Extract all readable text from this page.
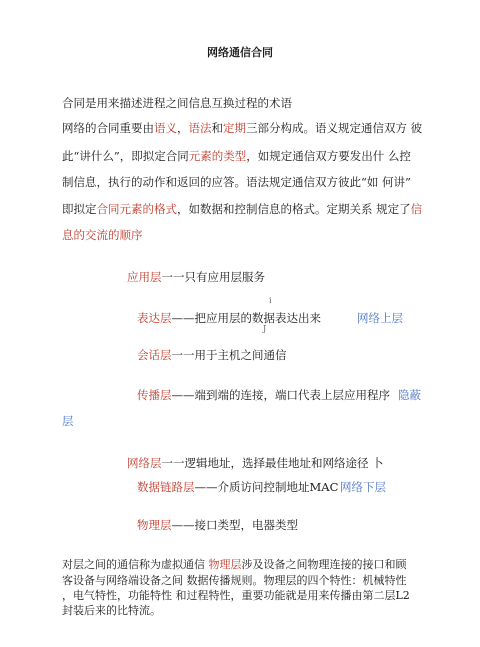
网络通信合同
合同是用来描述进程之间信息互换过程的术语
网络的合同重要由语义，语法和定期三部分构成。语义规定通信双方 彼
此“讲什么”，即拟定合同元素的类型，如规定通信双方要发出什 么控
制信息，执行的动作和返回的应答。语法规定通信双方彼此“如 何讲”
即拟定合同元素的格式，如数据和控制信息的格式。定期关系 规定了信
息的交流的顺序
应用层一一只有应用层服务
i
表达层——把应用层的数据表达出来	网络上层
J
会话层一一用于主机之间通信
传播层——端到端的连接，端口代表上层应用程序 隐蔽
层
网络层一一逻辑地址，选择最佳地址和网络途径 卜
数据链路层——介质访问控制地址MAC 网络下层
物理层——接口类型，电器类型
对层之间的通信称为虚拟通信 物理层涉及设备之间物理连接的接口和顾
客设备与网络端设备之间 数据传播规则。物理层的四个特性：机械特性
，电气特性，功能特性 和过程特性，重要功能就是用来传播由第二层L2
封装后来的比特流。
